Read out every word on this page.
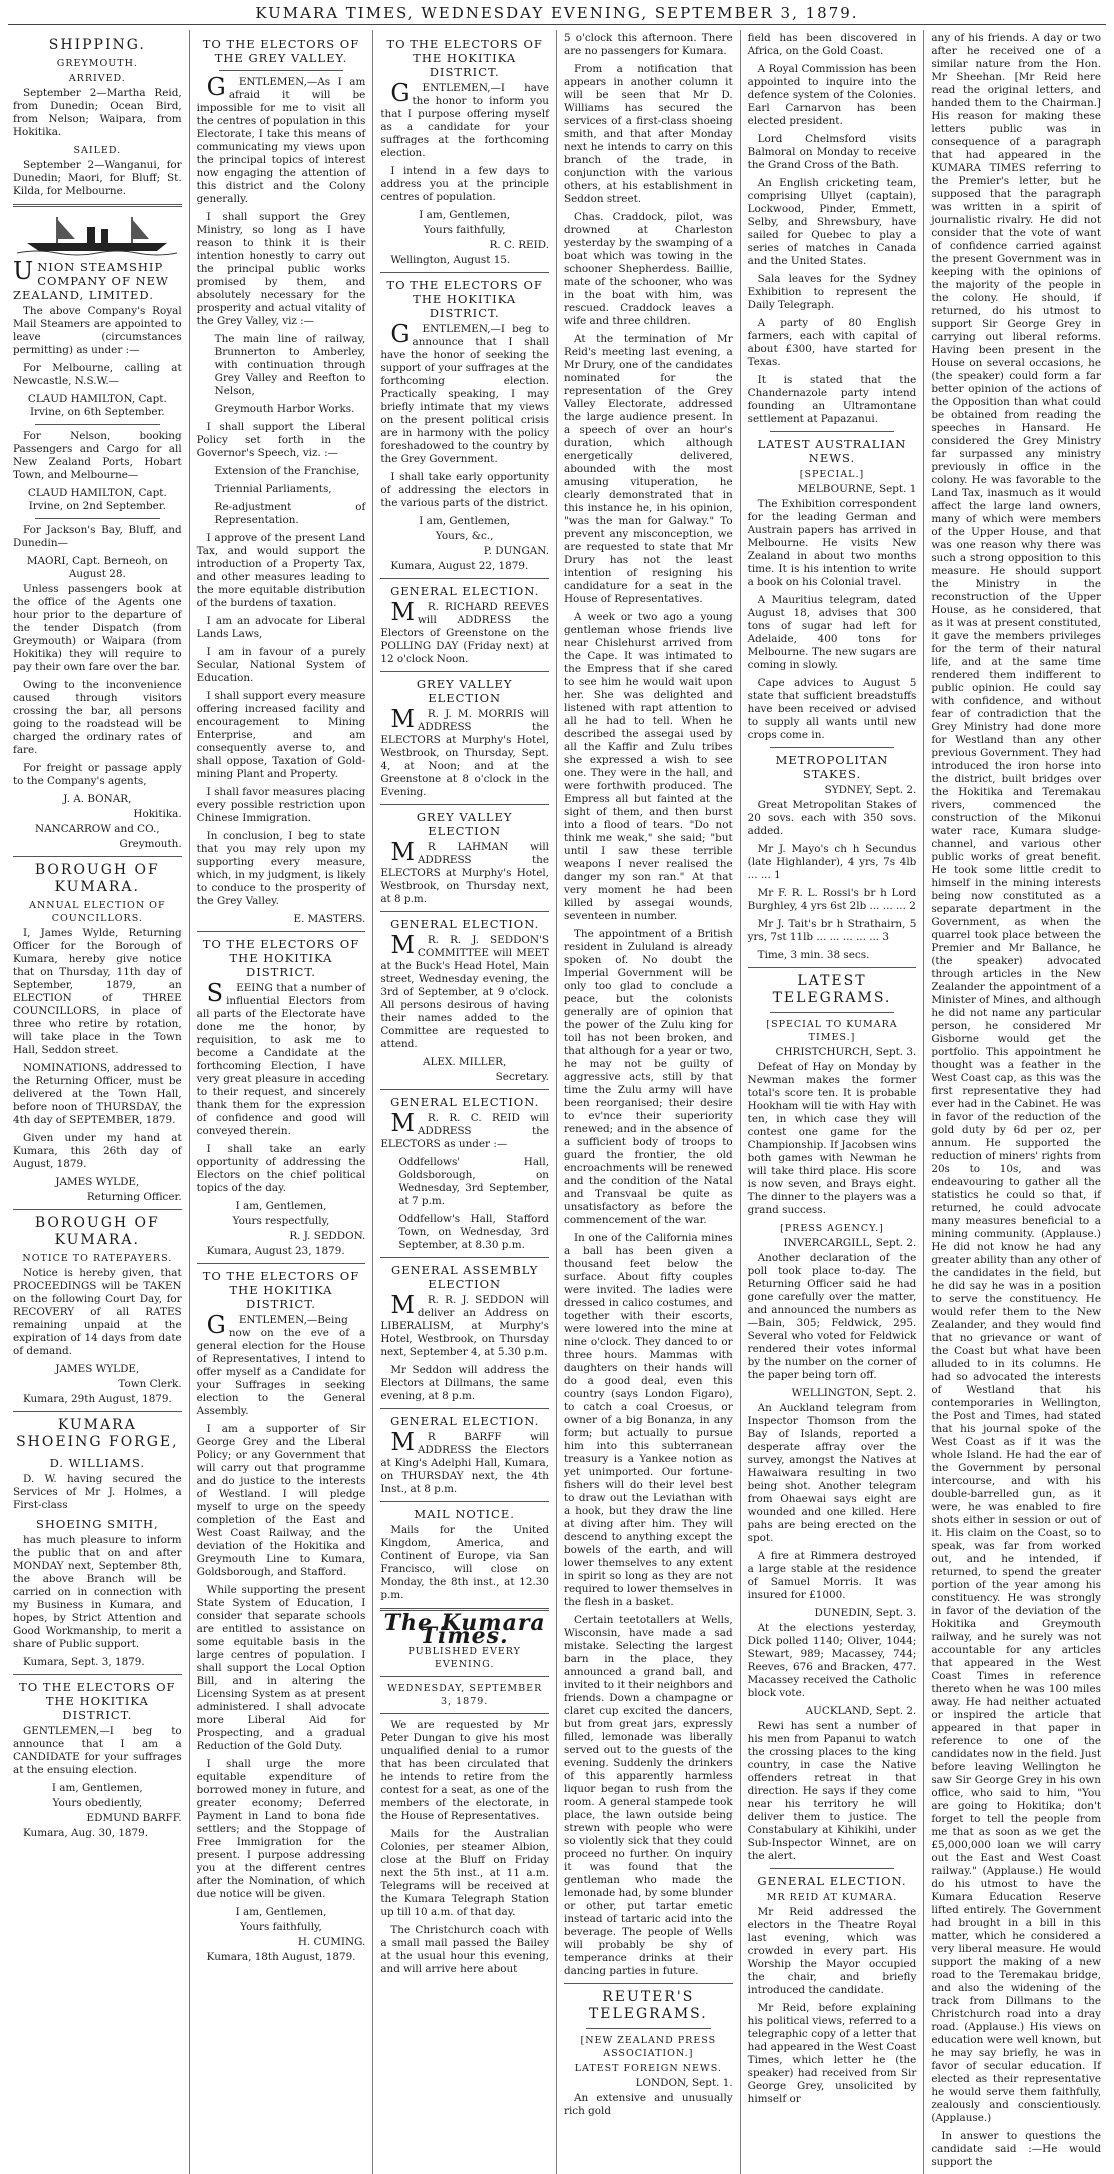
KUMARA TIMES, WEDNESDAY EVENING, SEPTEMBER 3, 1879.
SHIPPING.
GREYMOUTH.
ARRIVED.

September 2—Martha Reid, from Dunedin; Ocean Bird, from Nelson; Waipara, from Hokitika.

SAILED.

September 2—Wanganui, for Dunedin; Maori, for Bluff; St. Kilda, for Melbourne.

UNION STEAMSHIP COMPANY OF NEW ZEALAND, LIMITED.

The above Company's Royal Mail Steamers are appointed to leave (circumstances permitting) as under :—

For Melbourne, calling at Newcastle, N.S.W.—

CLAUD HAMILTON, Capt. Irvine, on 6th September.

For Nelson, booking Passengers and Cargo for all New Zealand Ports, Hobart Town, and Melbourne—

CLAUD HAMILTON, Capt. Irvine, on 2nd September.

For Jackson's Bay, Bluff, and Dunedin—

MAORI, Capt. Berneoh, on August 28.

Unless passengers book at the office of the Agents one hour prior to the departure of the tender Dispatch (from Greymouth) or Waipara (from Hokitika) they will require to pay their own fare over the bar.

Owing to the inconvenience caused through visitors crossing the bar, all persons going to the roadstead will be charged the ordinary rates of fare.

For freight or passage apply to the Company's agents,

J. A. BONAR,

Hokitika.

NANCARROW and CO.,

Greymouth.

BOROUGH OF KUMARA.
ANNUAL ELECTION OF COUNCILLORS.

I, James Wylde, Returning Officer for the Borough of Kumara, hereby give notice that on Thursday, 11th day of September, 1879, an ELECTION of THREE COUNCILLORS, in place of three who retire by rotation, will take place in the Town Hall, Seddon street.

NOMINATIONS, addressed to the Returning Officer, must be delivered at the Town Hall, before noon of THURSDAY, the 4th day of SEPTEMBER, 1879.

Given under my hand at Kumara, this 26th day of August, 1879.

JAMES WYLDE,

Returning Officer.

BOROUGH OF KUMARA.
NOTICE TO RATEPAYERS.

Notice is hereby given, that PROCEEDINGS will be TAKEN on the following Court Day, for RECOVERY of all RATES remaining unpaid at the expiration of 14 days from date of demand.

JAMES WYLDE,

Town Clerk.

Kumara, 29th August, 1879.

KUMARA SHOEING FORGE,
D. WILLIAMS.

D. W. having secured the Services of Mr J. Holmes, a First-class

SHOEING SMITH,

has much pleasure to inform the public that on and after MONDAY next, September 8th, the above Branch will be carried on in connection with my Business in Kumara, and hopes, by Strict Attention and Good Workmanship, to merit a share of Public support.

Kumara, Sept. 3, 1879.

TO THE ELECTORS OF THE HOKITIKA DISTRICT.

GENTLEMEN,—I beg to announce that I am a CANDIDATE for your suffrages at the ensuing election.

I am, Gentlemen,

Yours obediently,

EDMUND BARFF.

Kumara, Aug. 30, 1879.

TO THE ELECTORS OF THE GREY VALLEY.

GENTLEMEN,—As I am afraid it will be impossible for me to visit all the centres of population in this Electorate, I take this means of communicating my views upon the principal topics of interest now engaging the attention of this district and the Colony generally.

I shall support the Grey Ministry, so long as I have reason to think it is their intention honestly to carry out the principal public works promised by them, and absolutely necessary for the prosperity and actual vitality of the Grey Valley, viz :—

The main line of railway, Brunnerton to Amberley, with continuation through Grey Valley and Reefton to Nelson,

Greymouth Harbor Works.

I shall support the Liberal Policy set forth in the Governor's Speech, viz. :—

Extension of the Franchise,

Triennial Parliaments,

Re-adjustment of Representation.

I approve of the present Land Tax, and would support the introduction of a Property Tax, and other measures leading to the more equitable distribution of the burdens of taxation.

I am an advocate for Liberal Lands Laws,

I am in favour of a purely Secular, National System of Education.

I shall support every measure offering increased facility and encouragement to Mining Enterprise, and am consequently averse to, and shall oppose, Taxation of Gold-mining Plant and Property.

I shall favor measures placing every possible restriction upon Chinese Immigration.

In conclusion, I beg to state that you may rely upon my supporting every measure, which, in my judgment, is likely to conduce to the prosperity of the Grey Valley.

E. MASTERS.

TO THE ELECTORS OF THE HOKITIKA DISTRICT.

SEEING that a number of influential Electors from all parts of the Electorate have done me the honor, by requisition, to ask me to become a Candidate at the forthcoming Election, I have very great pleasure in acceding to their request, and sincerely thank them for the expression of confidence and good will conveyed therein.

I shall take an early opportunity of addressing the Electors on the chief political topics of the day.

I am, Gentlemen,

Yours respectfully,

R. J. SEDDON.

Kumara, August 23, 1879.

TO THE ELECTORS OF THE HOKITIKA DISTRICT.

GENTLEMEN,—Being now on the eve of a general election for the House of Representatives, I intend to offer myself as a Candidate for your Suffrages in seeking election to the General Assembly.

I am a supporter of Sir George Grey and the Liberal Policy; or any Government that will carry out that programme and do justice to the interests of Westland. I will pledge myself to urge on the speedy completion of the East and West Coast Railway, and the deviation of the Hokitika and Greymouth Line to Kumara, Goldsborough, and Stafford.

While supporting the present State System of Education, I consider that separate schools are entitled to assistance on some equitable basis in the large centres of population. I shall support the Local Option Bill, and in altering the Licensing System as at present administered. I shall advocate more Liberal Aid for Prospecting, and a gradual Reduction of the Gold Duty.

I shall urge the more equitable expenditure of borrowed money in future, and greater economy; Deferred Payment in Land to bona fide settlers; and the Stoppage of Free Immigration for the present. I purpose addressing you at the different centres after the Nomination, of which due notice will be given.

I am, Gentlemen,

Yours faithfully,

H. CUMING.

Kumara, 18th August, 1879.

TO THE ELECTORS OF THE HOKITIKA DISTRICT.

GENTLEMEN,—I have the honor to inform you that I purpose offering myself as a candidate for your suffrages at the forthcoming election.

I intend in a few days to address you at the principle centres of population.

I am, Gentlemen,

Yours faithfully,

R. C. REID.

Wellington, August 15.

TO THE ELECTORS OF THE HOKITIKA DISTRICT.

GENTLEMEN,—I beg to announce that I shall have the honor of seeking the support of your suffrages at the forthcoming election. Practically speaking, I may briefly intimate that my views on the present political crisis are in harmony with the policy foreshadowed to the country by the Grey Government.

I shall take early opportunity of addressing the electors in the various parts of the district.

I am, Gentlemen,

Yours, &c.,

P. DUNGAN.

Kumara, August 22, 1879.

GENERAL ELECTION.

MR. RICHARD REEVES will ADDRESS the Electors of Greenstone on the POLLING DAY (Friday next) at 12 o'clock Noon.

GREY VALLEY ELECTION

MR. J. M. MORRIS will ADDRESS the ELECTORS at Murphy's Hotel, Westbrook, on Thursday, Sept. 4, at Noon; and at the Greenstone at 8 o'clock in the Evening.

GREY VALLEY ELECTION

MR LAHMAN will ADDRESS the ELECTORS at Murphy's Hotel, Westbrook, on Thursday next, at 8 p.m.

GENERAL ELECTION.

MR. R. J. SEDDON'S COMMITTEE will MEET at the Buck's Head Hotel, Main street, Wednesday evening, the 3rd of September, at 9 o'clock. All persons desirous of having their names added to the Committee are requested to attend.

ALEX. MILLER,

Secretary.

GENERAL ELECTION.

MR. R. C. REID will ADDRESS the ELECTORS as under :—

Oddfellows' Hall, Goldsborough, on Wednesday, 3rd September, at 7 p.m.

Oddfellow's Hall, Stafford Town, on Wednesday, 3rd September, at 8.30 p.m.

GENERAL ASSEMBLY ELECTION

MR. R. J. SEDDON will deliver an Address on LIBERALISM, at Murphy's Hotel, Westbrook, on Thursday next, September 4, at 5.30 p.m.

Mr Seddon will address the Electors at Dillmans, the same evening, at 8 p.m.

GENERAL ELECTION.

MR BARFF will ADDRESS the Electors at King's Adelphi Hall, Kumara, on THURSDAY next, the 4th Inst., at 8 p.m.

MAIL NOTICE.

Mails for the United Kingdom, America, and Continent of Europe, via San Francisco, will close on Monday, the 8th inst., at 12.30 p.m.

The Kumara Times.
PUBLISHED EVERY EVENING.
WEDNESDAY, SEPTEMBER 3, 1879.

We are requested by Mr Peter Dungan to give his most unqualified denial to a rumor that has been circulated that he intends to retire from the contest for a seat, as one of the members of the electorate, in the House of Representatives.

Mails for the Australian Colonies, per steamer Albion, close at the Bluff on Friday next the 5th inst., at 11 a.m. Telegrams will be received at the Kumara Telegraph Station up till 10 a.m. of that day.

The Christchurch coach with a small mail passed the Bailey at the usual hour this evening, and will arrive here about

5 o'clock this afternoon. There are no passengers for Kumara.

From a notification that appears in another column it will be seen that Mr D. Williams has secured the services of a first-class shoeing smith, and that after Monday next he intends to carry on this branch of the trade, in conjunction with the various others, at his establishment in Seddon street.

Chas. Craddock, pilot, was drowned at Charleston yesterday by the swamping of a boat which was towing in the schooner Shepherdess. Baillie, mate of the schooner, who was in the boat with him, was rescued. Craddock leaves a wife and three children.

At the termination of Mr Reid's meeting last evening, a Mr Drury, one of the candidates nominated for the representation of the Grey Valley Electorate, addressed the large audience present. In a speech of over an hour's duration, which although energetically delivered, abounded with the most amusing vituperation, he clearly demonstrated that in this instance he, in his opinion, "was the man for Galway." To prevent any misconception, we are requested to state that Mr Drury has not the least intention of resigning his candidature for a seat in the House of Representatives.

A week or two ago a young gentleman whose friends live near Chislehurst arrived from the Cape. It was intimated to the Empress that if she cared to see him he would wait upon her. She was delighted and listened with rapt attention to all he had to tell. When he described the assegai used by all the Kaffir and Zulu tribes she expressed a wish to see one. They were in the hall, and were forthwith produced. The Empress all but fainted at the sight of them, and then burst into a flood of tears. "Do not think me weak," she said; "but until I saw these terrible weapons I never realised the danger my son ran." At that very moment he had been killed by assegai wounds, seventeen in number.

The appointment of a British resident in Zululand is already spoken of. No doubt the Imperial Government will be only too glad to conclude a peace, but the colonists generally are of opinion that the power of the Zulu king for toil has not been broken, and that although for a year or two, he may not be guilty of aggressive acts, still by that time the Zulu army will have been reorganised; their desire to ev'nce their superiority renewed; and in the absence of a sufficient body of troops to guard the frontier, the old encroachments will be renewed and the condition of the Natal and Transvaal be quite as unsatisfactory as before the commencement of the war.

In one of the California mines a ball has been given a thousand feet below the surface. About fifty couples were invited. The ladies were dressed in calico costumes, and together with their escorts, were lowered into the mine at nine o'clock. They danced to or three hours. Mammas with daughters on their hands will do a good deal, even this country (says London Figaro), to catch a coal Croesus, or owner of a big Bonanza, in any form; but actually to pursue him into this subterranean treasury is a Yankee notion as yet unimported. Our fortune-fishers will do their level best to draw out the Leviathan with a hook, but they draw the line at diving after him. They will descend to anything except the bowels of the earth, and will lower themselves to any extent in spirit so long as they are not required to lower themselves in the flesh in a basket.

Certain teetotallers at Wells, Wisconsin, have made a sad mistake. Selecting the largest barn in the place, they announced a grand ball, and invited to it their neighbors and friends. Down a champagne or claret cup excited the dancers, but from great jars, expressly filled, lemonade was liberally served out to the guests of the evening. Suddenly the drinkers of this apparently harmless liquor began to rush from the room. A general stampede took place, the lawn outside being strewn with people who were so violently sick that they could proceed no further. On inquiry it was found that the gentleman who made the lemonade had, by some blunder or other, put tartar emetic instead of tartaric acid into the beverage. The people of Wells will probably be shy of temperance drinks at their dancing parties in future.

REUTER'S TELEGRAMS.
[NEW ZEALAND PRESS ASSOCIATION.]
LATEST FOREIGN NEWS.

LONDON, Sept. 1.

An extensive and unusually rich gold

field has been discovered in Africa, on the Gold Coast.

A Royal Commission has been appointed to inquire into the defence system of the Colonies. Earl Carnarvon has been elected president.

Lord Chelmsford visits Balmoral on Monday to receive the Grand Cross of the Bath.

An English cricketing team, comprising Ullyet (captain), Lockwood, Pinder, Emmett, Selby, and Shrewsbury, have sailed for Quebec to play a series of matches in Canada and the United States.

Sala leaves for the Sydney Exhibition to represent the Daily Telegraph.

A party of 80 English farmers, each with capital of about £300, have started for Texas.

It is stated that the Chandernazole party intend founding an Ultramontane settlement at Papazanui.

LATEST AUSTRALIAN NEWS.
[SPECIAL.]

MELBOURNE, Sept. 1

The Exhibition correspondent for the leading German and Austrain papers has arrived in Melbourne. He visits New Zealand in about two months time. It is his intention to write a book on his Colonial travel.

A Mauritius telegram, dated August 18, advises that 300 tons of sugar had left for Adelaide, 400 tons for Melbourne. The new sugars are coming in slowly.

Cape advices to August 5 state that sufficient breadstuffs have been received or advised to supply all wants until new crops come in.

METROPOLITAN STAKES.

SYDNEY, Sept. 2.

Great Metropolitan Stakes of 20 sovs. each with 350 sovs. added.

Mr J. Mayo's ch h Secundus (late Highlander), 4 yrs, 7s 4lb ... ... 1

Mr F. R. L. Rossi's br h Lord Burghley, 4 yrs 6st 2lb ... ... ... 2

Mr J. Tait's br h Strathairn, 5 yrs, 7st 11lb ... ... ... ... ... 3

Time, 3 min. 38 secs.

LATEST TELEGRAMS.
[SPECIAL TO KUMARA TIMES.]

CHRISTCHURCH, Sept. 3.

Defeat of Hay on Monday by Newman makes the former total's score ten. It is probable Hookham will tie with Hay with ten, in which case they will contest one game for the Championship. If Jacobsen wins both games with Newman he will take third place. His score is now seven, and Brays eight. The dinner to the players was a grand success.

[PRESS AGENCY.]

INVERCARGILL, Sept. 2.

Another declaration of the poll took place to-day. The Returning Officer said he had gone carefully over the matter, and announced the numbers as—Bain, 305; Feldwick, 295. Several who voted for Feldwick rendered their votes informal by the number on the corner of the paper being torn off.

WELLINGTON, Sept. 2.

An Auckland telegram from Inspector Thomson from the Bay of Islands, reported a desperate affray over the survey, amongst the Natives at Hawaiwara resulting in two being shot. Another telegram from Ohaewai says eight are wounded and one killed. Here pahs are being erected on the spot.

A fire at Rimmera destroyed a large stable at the residence of Samuel Morris. It was insured for £1000.

DUNEDIN, Sept. 3.

At the elections yesterday, Dick polled 1140; Oliver, 1044; Stewart, 989; Macassey, 744; Reeves, 676 and Bracken, 477. Macassey received the Catholic block vote.

AUCKLAND, Sept. 2.

Rewi has sent a number of his men from Papanui to watch the crossing places to the king country, in case the Native offenders retreat in that direction. He says if they come near his territory he will deliver them to justice. The Constabulary at Kihikihi, under Sub-Inspector Winnet, are on the alert.

GENERAL ELECTION.
MR REID AT KUMARA.

Mr Reid addressed the electors in the Theatre Royal last evening, which was crowded in every part. His Worship the Mayor occupied the chair, and briefly introduced the candidate.

Mr Reid, before explaining his political views, referred to a telegraphic copy of a letter that had appeared in the West Coast Times, which letter he (the speaker) had received from Sir George Grey, unsolicited by himself or

any of his friends. A day or two after he received one of a similar nature from the Hon. Mr Sheehan. [Mr Reid here read the original letters, and handed them to the Chairman.] His reason for making these letters public was in consequence of a paragraph that had appeared in the KUMARA TIMES referring to the Premier's letter, but he supposed that the paragraph was written in a spirit of journalistic rivalry. He did not consider that the vote of want of confidence carried against the present Government was in keeping with the opinions of the majority of the people in the colony. He should, if returned, do his utmost to support Sir George Grey in carrying out liberal reforms. Having been present in the House on several occasions, he (the speaker) could form a far better opinion of the actions of the Opposition than what could be obtained from reading the speeches in Hansard. He considered the Grey Ministry far surpassed any ministry previously in office in the colony. He was favorable to the Land Tax, inasmuch as it would affect the large land owners, many of which were members of the Upper House, and that was one reason why there was such a strong opposition to this measure. He should support the Ministry in the reconstruction of the Upper House, as he considered, that as it was at present constituted, it gave the members privileges for the term of their natural life, and at the same time rendered them indifferent to public opinion. He could say with confidence, and without fear of contradiction that the Grey Ministry had done more for Westland than any other previous Government. They had introduced the iron horse into the district, built bridges over the Hokitika and Teremakau rivers, commenced the construction of the Mikonui water race, Kumara sludge-channel, and various other public works of great benefit. He took some little credit to himself in the mining interests being now constituted as a separate department in the Government, as when the quarrel took place between the Premier and Mr Ballance, he (the speaker) advocated through articles in the New Zealander the appointment of a Minister of Mines, and although he did not name any particular person, he considered Mr Gisborne would get the portfolio. This appointment he thought was a feather in the West Coast cap, as this was the first representative they had ever had in the Cabinet. He was in favor of the reduction of the gold duty by 6d per oz, per annum. He supported the reduction of miners' rights from 20s to 10s, and was endeavouring to gather all the statistics he could so that, if returned, he could advocate many measures beneficial to a mining community. (Applause.) He did not know he had any greater ability than any other of the candidates in the field, but he did say he was in a position to serve the constituency. He would refer them to the New Zealander, and they would find that no grievance or want of the Coast but what have been alluded to in its columns. He had so advocated the interests of Westland that his contemporaries in Wellington, the Post and Times, had stated that his journal spoke of the West Coast as if it was the whole Island. He had the ear of the Government by personal intercourse, and with his double-barrelled gun, as it were, he was enabled to fire shots either in session or out of it. His claim on the Coast, so to speak, was far from worked out, and he intended, if returned, to spend the greater portion of the year among his constituency. He was strongly in favor of the deviation of the Hokitika and Greymouth railway, and he surely was not accountable for any articles that appeared in the West Coast Times in reference thereto when he was 100 miles away. He had neither actuated or inspired the article that appeared in that paper in reference to one of the candidates now in the field. Just before leaving Wellington he saw Sir George Grey in his own office, who said to him, "You are going to Hokitika; don't forget to tell the people from me that as soon as we get the £5,000,000 loan we will carry out the East and West Coast railway." (Applause.) He would do his utmost to have the Kumara Education Reserve lifted entirely. The Government had brought in a bill in this matter, which he considered a very liberal measure. He would support the making of a new road to the Teremakau bridge, and also the widening of the track from Dillmans to the Christchurch road into a dray road. (Applause.) His views on education were well known, but he may say briefly, he was in favor of secular education. If elected as their representative he would serve them faithfully, zealously and conscientiously. (Applause.)

In answer to questions the candidate said :—He would support the
